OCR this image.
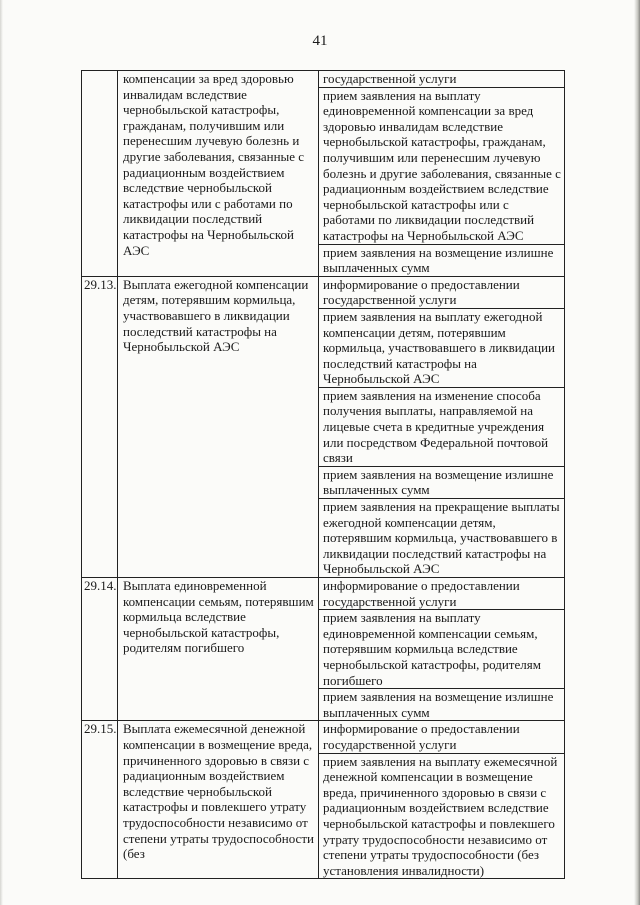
41
	компенсации за вред здоровью инвалидам вследствие чернобыльской катастрофы, гражданам, получившим или перенесшим лучевую болезнь и другие заболевания, связанные с радиационным воздействием вследствие чернобыльской катастрофы или с работами по ликвидации последствий катастрофы на Чернобыльской АЭС	государственной услуги
		прием заявления на выплату единовременной компенсации за вред здоровью инвалидам вследствие чернобыльской катастрофы, гражданам, получившим или перенесшим лучевую болезнь и другие заболевания, связанные с радиационным воздействием вследствие чернобыльской катастрофы или с работами по ликвидации последствий катастрофы на Чернобыльской АЭС
		прием заявления на возмещение излишне выплаченных сумм
29.13.	Выплата ежегодной компенсации детям, потерявшим кормильца, участвовавшего в ликвидации последствий катастрофы на Чернобыльской АЭС	информирование о предоставлении государственной услуги
		прием заявления на выплату ежегодной компенсации детям, потерявшим кормильца, участвовавшего в ликвидации последствий катастрофы на Чернобыльской АЭС
		прием заявления на изменение способа получения выплаты, направляемой на лицевые счета в кредитные учреждения или посредством Федеральной почтовой связи
		прием заявления на возмещение излишне выплаченных сумм
		прием заявления на прекращение выплаты ежегодной компенсации детям, потерявшим кормильца, участвовавшего в ликвидации последствий катастрофы на Чернобыльской АЭС
29.14.	Выплата единовременной компенсации семьям, потерявшим кормильца вследствие чернобыльской катастрофы, родителям погибшего	информирование о предоставлении государственной услуги
		прием заявления на выплату единовременной компенсации семьям, потерявшим кормильца вследствие чернобыльской катастрофы, родителям погибшего
		прием заявления на возмещение излишне выплаченных сумм
29.15.	Выплата ежемесячной денежной компенсации в возмещение вреда, причиненного здоровью в связи с радиационным воздействием вследствие чернобыльской катастрофы и повлекшего утрату трудоспособности независимо от степени утраты трудоспособности (без	информирование о предоставлении государственной услуги
		прием заявления на выплату ежемесячной денежной компенсации в возмещение вреда, причиненного здоровью в связи с радиационным воздействием вследствие чернобыльской катастрофы и повлекшего утрату трудоспособности независимо от степени утраты трудоспособности (без установления инвалидности)
